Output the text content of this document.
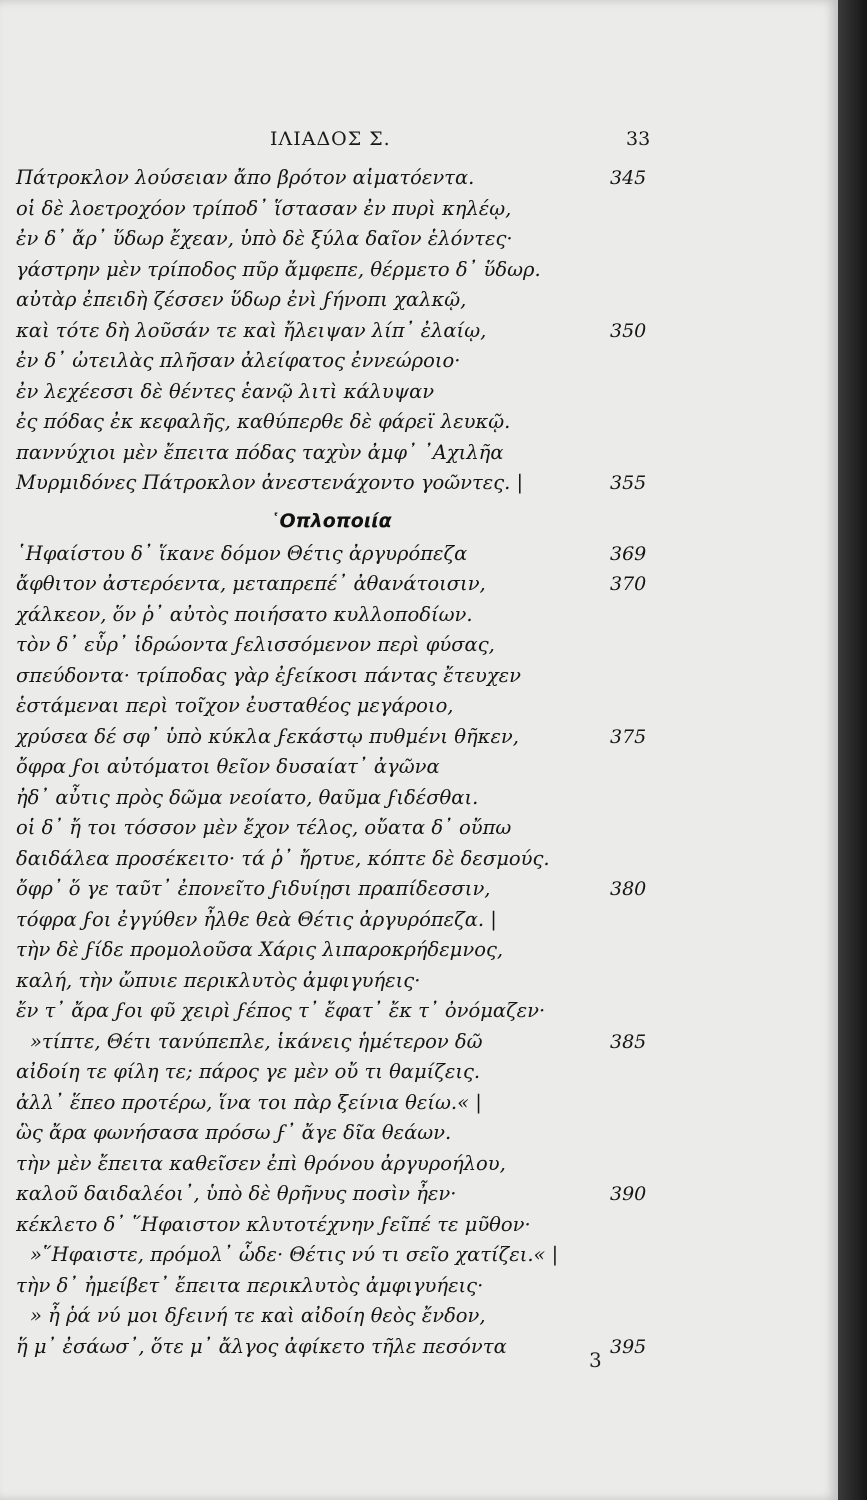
ΙΛΙΑΔΟΣ Σ.	33
Πάτροκλον λούσειαν ἄπο βρότον αἱματόεντα.	345
οἱ δὲ λοετροχόον τρίποδ᾽ ἵστασαν ἐν πυρὶ κηλέῳ,
ἐν δ᾽ ἄρ᾽ ὕδωρ ἔχεαν, ὑπὸ δὲ ξύλα δαῖον ἑλόντες·
γάστρην μὲν τρίποδος πῦρ ἄμφεπε, θέρμετο δ᾽ ὕδωρ.
αὐτὰρ ἐπειδὴ ζέσσεν ὕδωρ ἐνὶ ϝήνοπι χαλκῷ,
καὶ τότε δὴ λοῦσάν τε καὶ ἤλειψαν λίπ᾽ ἐλαίῳ,	350
ἐν δ᾽ ὠτειλὰς πλῆσαν ἀλείφατος ἐννεώροιο·
ἐν λεχέεσσι δὲ θέντες ἑανῷ λιτὶ κάλυψαν
ἐς πόδας ἐκ κεφαλῆς, καθύπερθε δὲ φάρεϊ λευκῷ.
παννύχιοι μὲν ἔπειτα πόδας ταχὺν ἀμφ᾽ ᾿Αχιλῆα
Μυρμιδόνες Πάτροκλον ἀνεστενάχοντο γοῶντες. |	355
῾Οπλοποιία
῾Ηφαίστου δ᾽ ἵκανε δόμον Θέτις ἀργυρόπεζα	369
ἄφθιτον ἀστερόεντα, μεταπρεπέ᾽ ἀθανάτοισιν,	370
χάλκεον, ὅν ῥ᾽ αὐτὸς ποιήσατο κυλλοποδίων.
τὸν δ᾽ εὗρ᾽ ἱδρώοντα ϝελισσόμενον περὶ φύσας,
σπεύδοντα· τρίποδας γὰρ ἐϝείκοσι πάντας ἔτευχεν
ἑστάμεναι περὶ τοῖχον ἐυσταθέος μεγάροιο,
χρύσεα δέ σφ᾽ ὑπὸ κύκλα ϝεκάστῳ πυθμένι θῆκεν,	375
ὄφρα ϝοι αὐτόματοι θεῖον δυσαίατ᾽ ἀγῶνα
ἠδ᾽ αὖτις πρὸς δῶμα νεοίατο, θαῦμα ϝιδέσθαι.
οἱ δ᾽ ἤ τοι τόσσον μὲν ἔχον τέλος, οὔατα δ᾽ οὔπω
δαιδάλεα προσέκειτο· τά ῥ᾽ ἤρτυε, κόπτε δὲ δεσμούς.
ὄφρ᾽ ὅ γε ταῦτ᾽ ἐπονεῖτο ϝιδυίῃσι πραπίδεσσιν,	380
τόφρα ϝοι ἐγγύθεν ἦλθε θεὰ Θέτις ἀργυρόπεζα. |
τὴν δὲ ϝίδε προμολοῦσα Χάρις λιπαροκρήδεμνος,
καλή, τὴν ὤπυιε περικλυτὸς ἀμφιγυήεις·
ἔν τ᾽ ἄρα ϝοι φῦ χειρὶ ϝέπος τ᾽ ἔφατ᾽ ἔκ τ᾽ ὀνόμαζεν·
»τίπτε, Θέτι τανύπεπλε, ἱκάνεις ἡμέτερον δῶ	385
αἰδοίη τε φίλη τε; πάρος γε μὲν οὔ τι θαμίζεις.
ἀλλ᾽ ἕπεο προτέρω, ἵνα τοι πὰρ ξείνια θείω.« |
ὣς ἄρα φωνήσασα πρόσω ϝ᾽ ἄγε δῖα θεάων.
τὴν μὲν ἔπειτα καθεῖσεν ἐπὶ θρόνου ἀργυροήλου,
καλοῦ δαιδαλέοι᾽, ὑπὸ δὲ θρῆνυς ποσὶν ἦεν·	390
κέκλετο δ᾽ ῞Ηφαιστον κλυτοτέχνην ϝεῖπέ τε μῦθον·
»῞Ηφαιστε, πρόμολ᾽ ὧδε· Θέτις νύ τι σεῖο χατίζει.« |
τὴν δ᾽ ἠμείβετ᾽ ἔπειτα περικλυτὸς ἀμφιγυήεις·
» ἦ ῥά νύ μοι δϝεινή τε καὶ αἰδοίη θεὸς ἔνδον,
ἥ μ᾽ ἐσάωσ᾽, ὅτε μ᾽ ἄλγος ἀφίκετο τῆλε πεσόντα	395
3
